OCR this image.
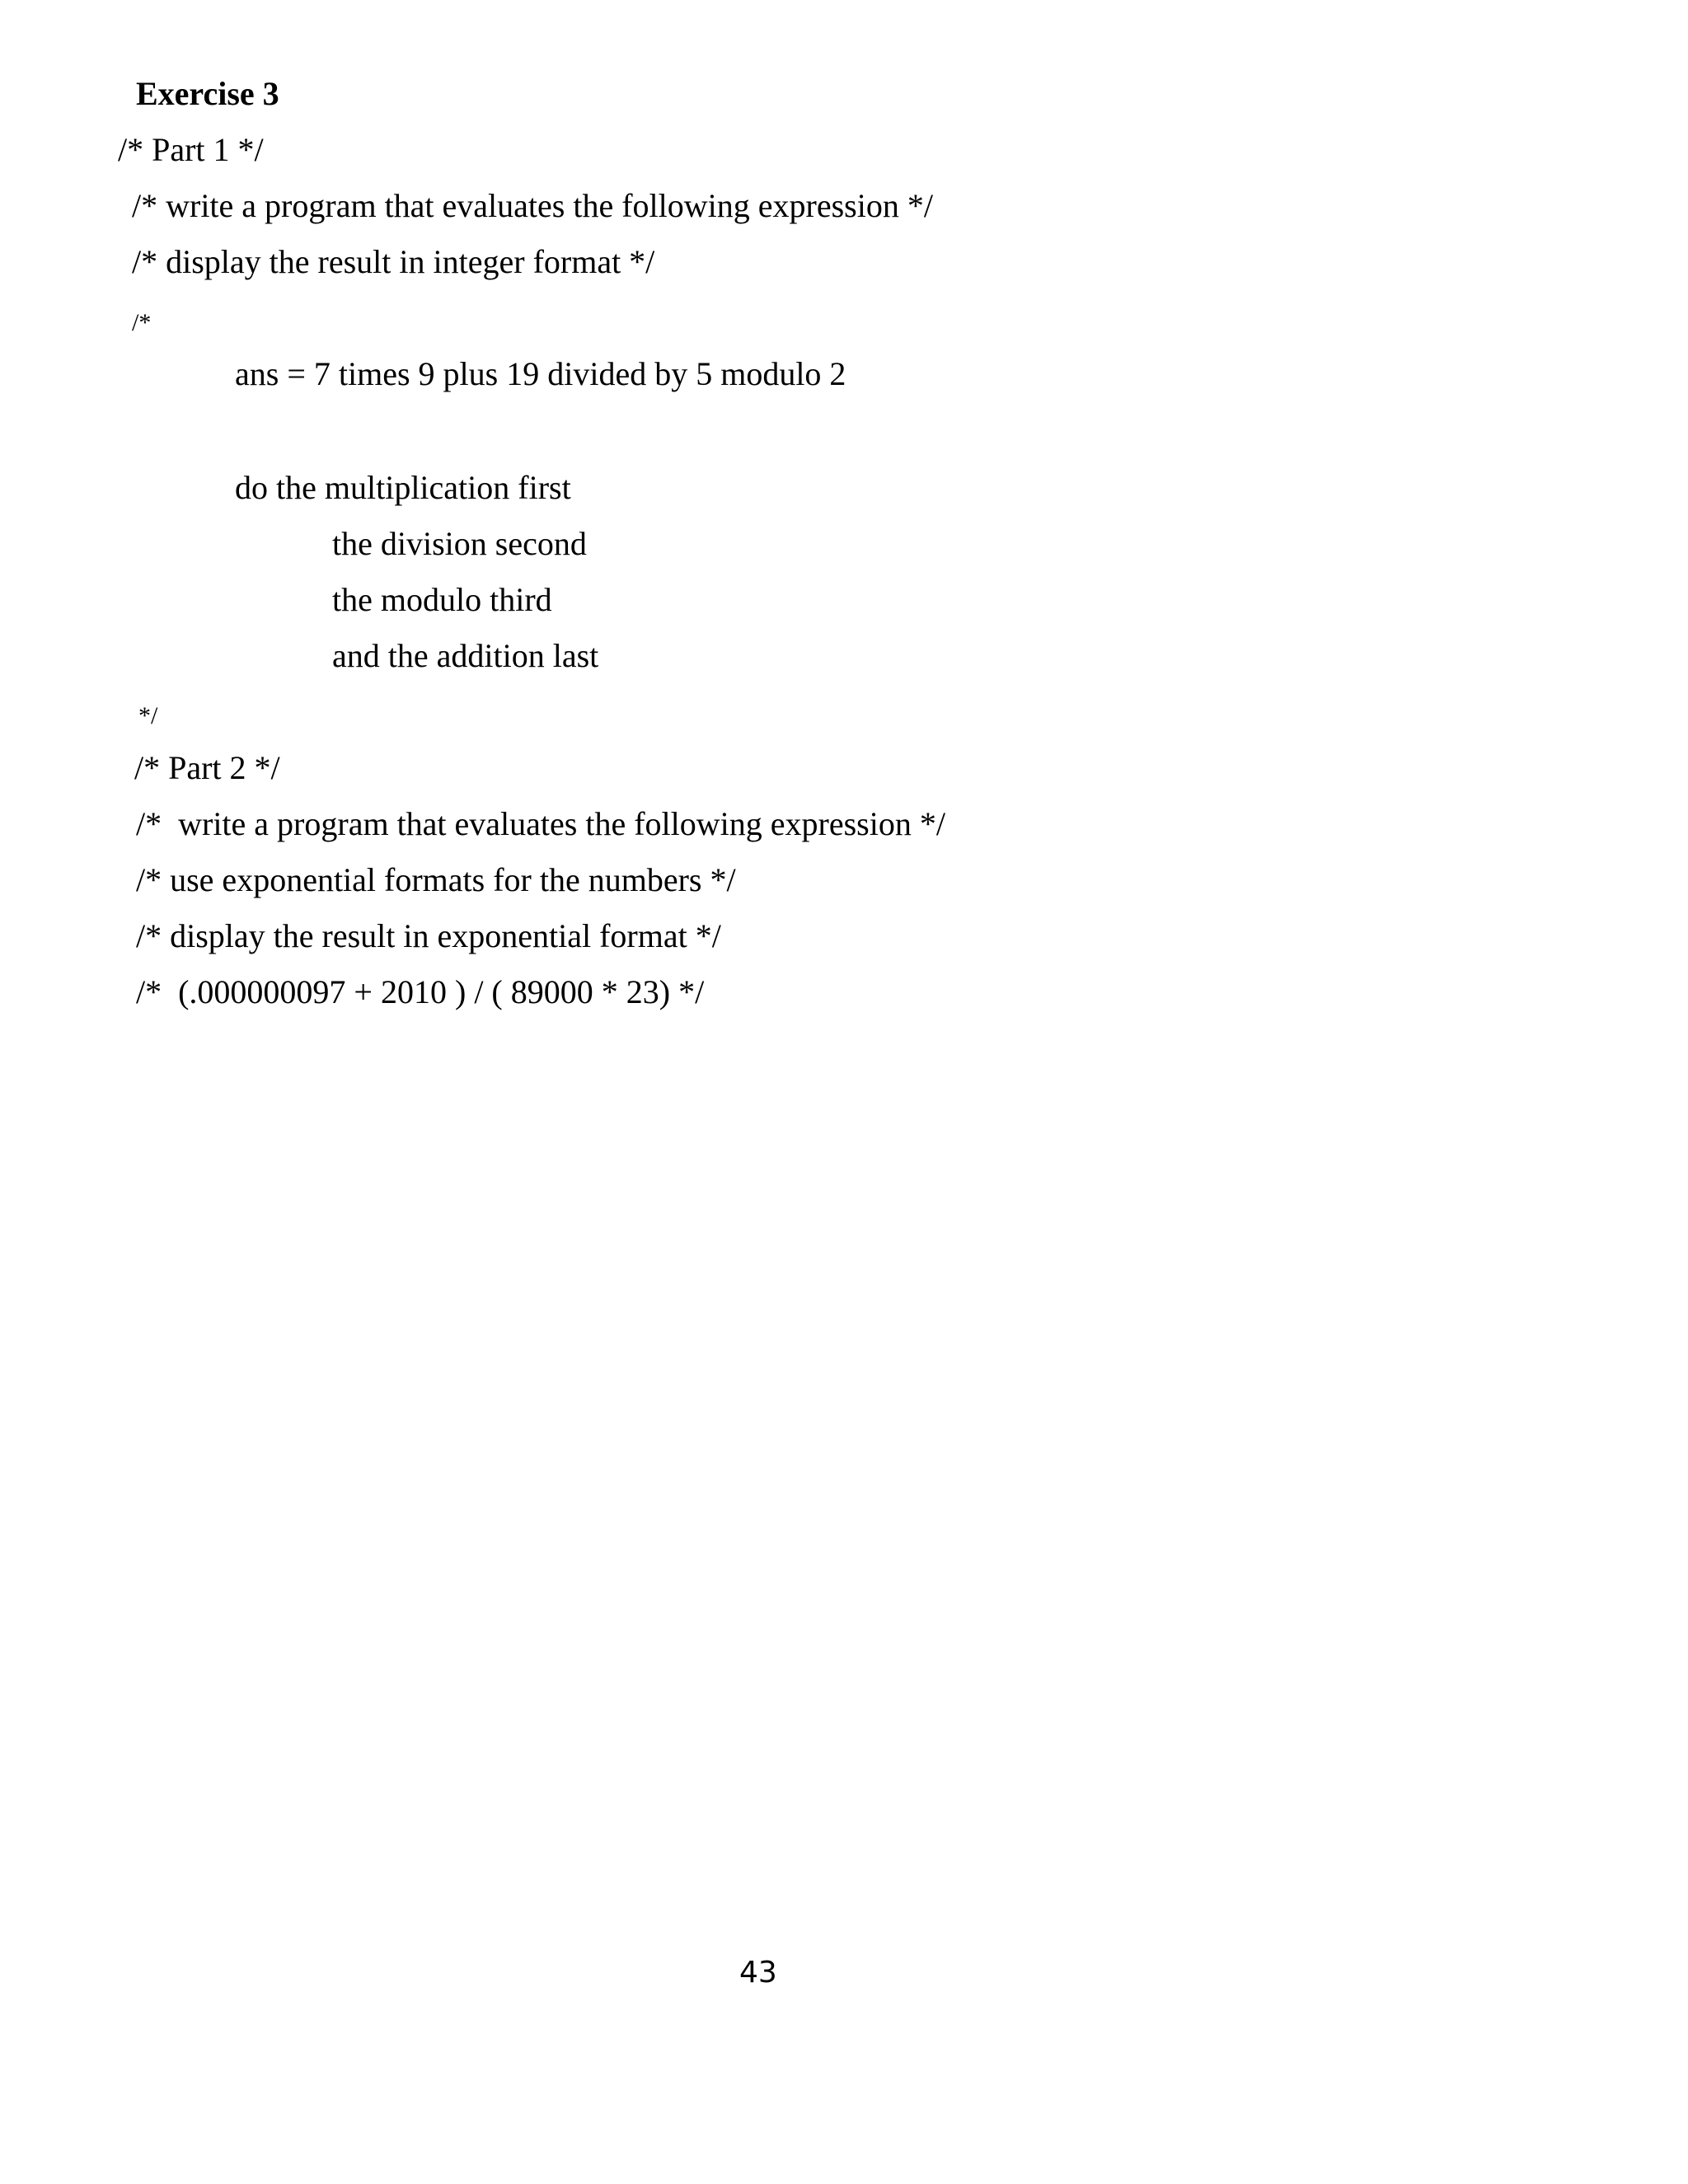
Exercise 3

/* Part 1 */

/* write a program that evaluates the following expression */

/* display the result in integer format */

/*

ans = 7 times 9 plus 19 divided by 5 modulo 2

do the multiplication first

the division second

the modulo third

and the addition last

*/

/* Part 2 */

/*  write a program that evaluates the following expression */

/* use exponential formats for the numbers */

/* display the result in exponential format */

/*  (.000000097 + 2010 ) / ( 89000 * 23) */

43
